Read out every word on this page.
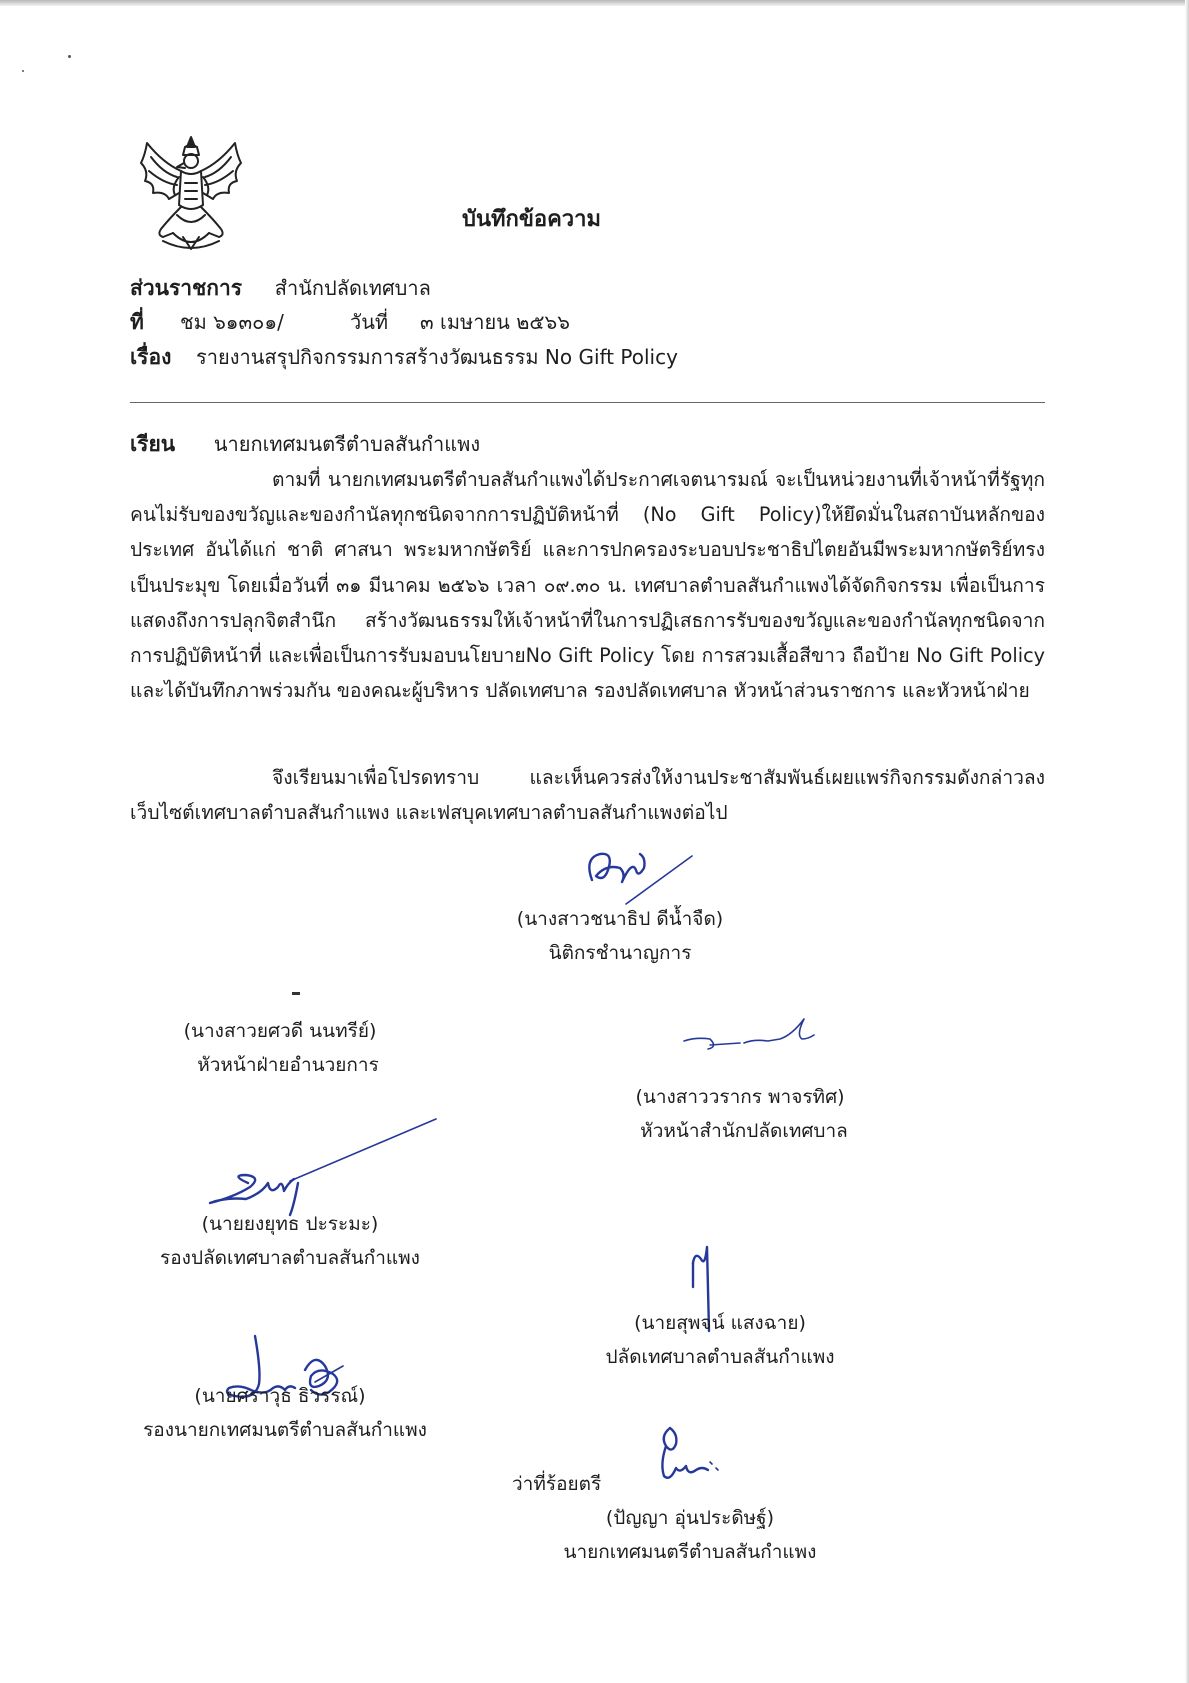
บันทึกข้อความ
ส่วนราชการ สำนักปลัดเทศบาล
ที่ ชม ๖๑๓๐๑/	วันที่ ๓ เมษายน ๒๕๖๖
เรื่อง รายงานสรุปกิจกรรมการสร้างวัฒนธรรม No Gift Policy
เรียน นายกเทศมนตรีตำบลสันกำแพง

ตามที่ นายกเทศมนตรีตำบลสันกำแพงได้ประกาศเจตนารมณ์ จะเป็นหน่วยงานที่เจ้าหน้าที่รัฐทุกคนไม่รับของขวัญและของกำนัลทุกชนิดจากการปฏิบัติหน้าที่ (No Gift Policy)ให้ยึดมั่นในสถาบันหลักของประเทศ อันได้แก่ ชาติ ศาสนา พระมหากษัตริย์ และการปกครองระบอบประชาธิปไตยอันมีพระมหากษัตริย์ทรงเป็นประมุข โดยเมื่อวันที่ ๓๑ มีนาคม ๒๕๖๖ เวลา ๐๙.๓๐ น. เทศบาลตำบลสันกำแพงได้จัดกิจกรรม เพื่อเป็นการแสดงถึงการปลุกจิตสำนึก สร้างวัฒนธรรมให้เจ้าหน้าที่ในการปฏิเสธการรับของขวัญและของกำนัลทุกชนิดจากการปฏิบัติหน้าที่ และเพื่อเป็นการรับมอบนโยบายNo Gift Policy โดย การสวมเสื้อสีขาว ถือป้าย No Gift Policy และได้บันทึกภาพร่วมกัน ของคณะผู้บริหาร ปลัดเทศบาล รองปลัดเทศบาล หัวหน้าส่วนราชการ และหัวหน้าฝ่าย

จึงเรียนมาเพื่อโปรดทราบ และเห็นควรส่งให้งานประชาสัมพันธ์เผยแพร่กิจกรรมดังกล่าวลงเว็บไซต์เทศบาลตำบลสันกำแพง และเฟสบุคเทศบาลตำบลสันกำแพงต่อไป

(นางสาวชนาธิป ดีน้ำจืด)
นิติกรชำนาญการ
(นางสาวยศวดี นนทรีย์)
หัวหน้าฝ่ายอำนวยการ
(นางสาววรากร พาจรทิศ)
หัวหน้าสำนักปลัดเทศบาล
(นายยงยุทธ ปะระมะ)
รองปลัดเทศบาลตำบลสันกำแพง
(นายสุพจน์ แสงฉาย)
ปลัดเทศบาลตำบลสันกำแพง
(นายศราวุธ ธิวรรณ์)
รองนายกเทศมนตรีตำบลสันกำแพง
ว่าที่ร้อยตรี
(ปัญญา อุ่นประดิษฐ์)
นายกเทศมนตรีตำบลสันกำแพง
